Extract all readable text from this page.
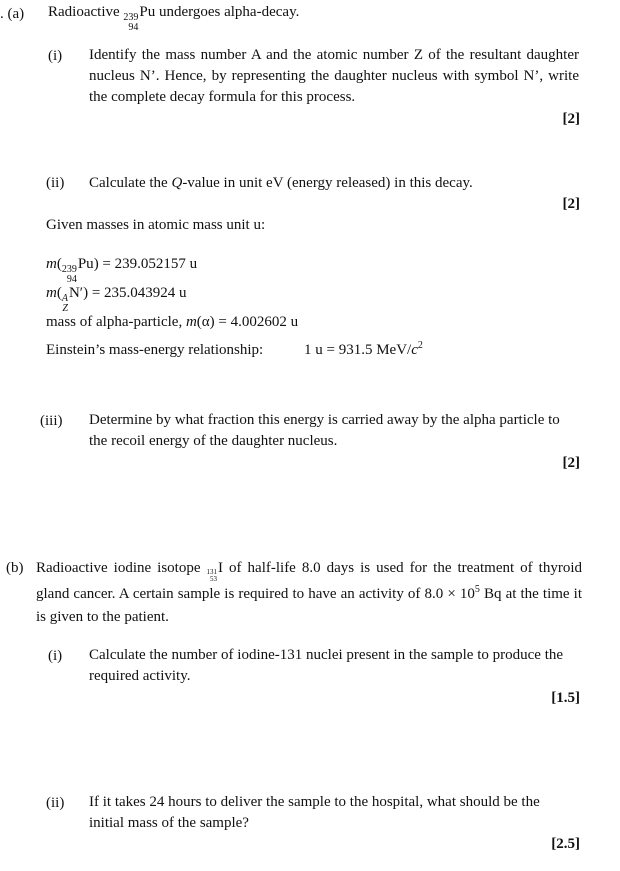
. (a) Radioactive 239
94
Pu undergoes alpha-decay.
(i) Identify the mass number A and the atomic number Z of the resultant daughter nucleus N’. Hence, by representing the daughter nucleus with symbol N’, write the complete decay formula for this process.
[2]
(ii) Calculate the Q-value in unit eV (energy released) in this decay.
[2]
Given masses in atomic mass unit u:
m( 239
94
Pu) = 239.052157 u
m( A
Z
N′) = 235.043924 u
mass of alpha-particle, m(α) = 4.002602 u
Einstein’s mass-energy relationship:	1 u = 931.5 MeV/$c^2$
(iii) Determine by what fraction this energy is carried away by the alpha particle to the recoil energy of the daughter nucleus.
[2]
(b) Radioactive iodine isotope 131
53
I of half-life 8.0 days is used for the treatment of thyroid gland cancer. A certain sample is required to have an activity of $8.0 \times 10^5$ Bq at the time it is given to the patient.
(i) Calculate the number of iodine-131 nuclei present in the sample to produce the required activity.
[1.5]
(ii) If it takes 24 hours to deliver the sample to the hospital, what should be the initial mass of the sample?
[2.5]
